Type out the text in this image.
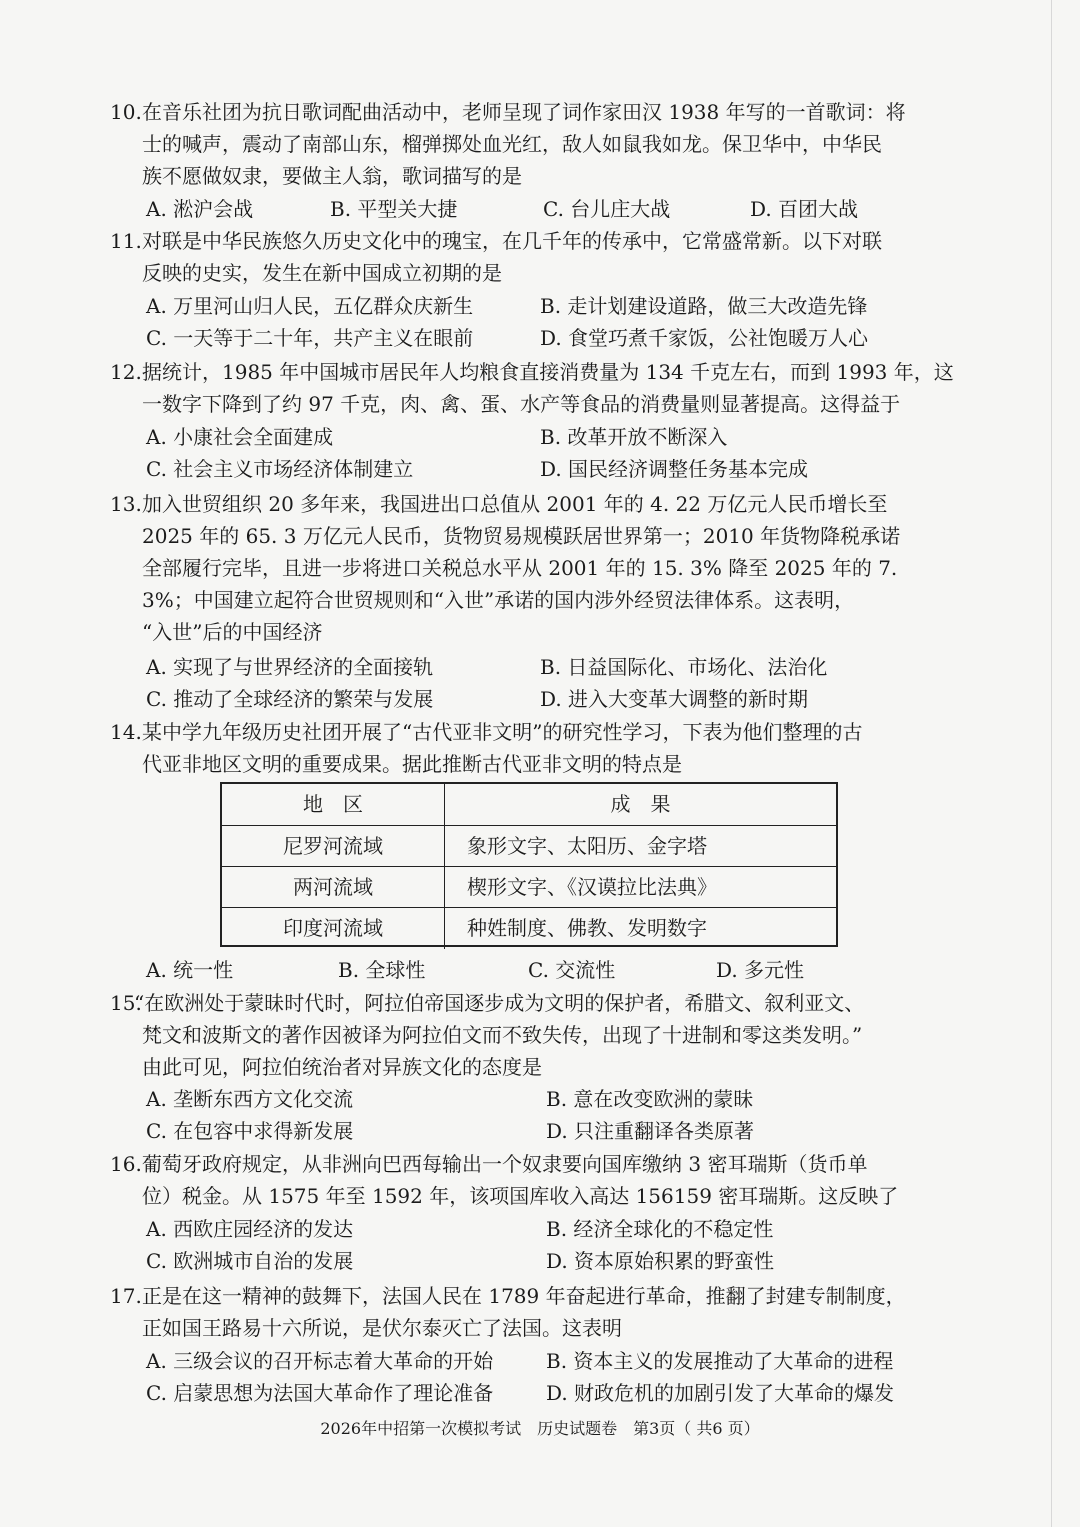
10. 在音乐社团为抗日歌词配曲活动中，老师呈现了词作家田汉 1938 年写的一首歌词：将
士的喊声，震动了南部山东，榴弹掷处血光红，敌人如鼠我如龙。保卫华中，中华民
族不愿做奴隶，要做主人翁，歌词描写的是
A. 淞沪会战	B. 平型关大捷	C. 台儿庄大战	D. 百团大战
11. 对联是中华民族悠久历史文化中的瑰宝，在几千年的传承中，它常盛常新。以下对联
反映的史实，发生在新中国成立初期的是
A. 万里河山归人民，五亿群众庆新生	B. 走计划建设道路，做三大改造先锋
C. 一天等于二十年，共产主义在眼前	D. 食堂巧煮千家饭，公社饱暖万人心
12. 据统计，1985 年中国城市居民年人均粮食直接消费量为 134 千克左右，而到 1993 年，这
一数字下降到了约 97 千克，肉、禽、蛋、水产等食品的消费量则显著提高。这得益于
A. 小康社会全面建成	B. 改革开放不断深入
C. 社会主义市场经济体制建立	D. 国民经济调整任务基本完成
13. 加入世贸组织 20 多年来，我国进出口总值从 2001 年的 4. 22 万亿元人民币增长至
2025 年的 65. 3 万亿元人民币，货物贸易规模跃居世界第一；2010 年货物降税承诺
全部履行完毕，且进一步将进口关税总水平从 2001 年的 15. 3% 降至 2025 年的 7.
3%；中国建立起符合世贸规则和“入世”承诺的国内涉外经贸法律体系。这表明，
“入世”后的中国经济
A. 实现了与世界经济的全面接轨	B. 日益国际化、市场化、法治化
C. 推动了全球经济的繁荣与发展	D. 进入大变革大调整的新时期
14. 某中学九年级历史社团开展了“古代亚非文明”的研究性学习，下表为他们整理的古
代亚非地区文明的重要成果。据此推断古代亚非文明的特点是
地　区	成　果
尼罗河流域	象形文字、太阳历、金字塔
两河流域	楔形文字、《汉谟拉比法典》
印度河流域	种姓制度、佛教、发明数字
A. 统一性	B. 全球性	C. 交流性	D. 多元性
15.
“在欧洲处于蒙昧时代时，阿拉伯帝国逐步成为文明的保护者，希腊文、叙利亚文、
梵文和波斯文的著作因被译为阿拉伯文而不致失传，出现了十进制和零这类发明。”
由此可见，阿拉伯统治者对异族文化的态度是
A. 垄断东西方文化交流	B. 意在改变欧洲的蒙昧
C. 在包容中求得新发展	D. 只注重翻译各类原著
16. 葡萄牙政府规定，从非洲向巴西每输出一个奴隶要向国库缴纳 3 密耳瑞斯（货币单
位）税金。从 1575 年至 1592 年，该项国库收入高达 156159 密耳瑞斯。这反映了
A. 西欧庄园经济的发达	B. 经济全球化的不稳定性
C. 欧洲城市自治的发展	D. 资本原始积累的野蛮性
17. 正是在这一精神的鼓舞下，法国人民在 1789 年奋起进行革命，推翻了封建专制制度，
正如国王路易十六所说，是伏尔泰灭亡了法国。这表明
A. 三级会议的召开标志着大革命的开始	B. 资本主义的发展推动了大革命的进程
C. 启蒙思想为法国大革命作了理论准备	D. 财政危机的加剧引发了大革命的爆发
2026年中招第一次模拟考试　历史试题卷　第3页（ 共6 页）
